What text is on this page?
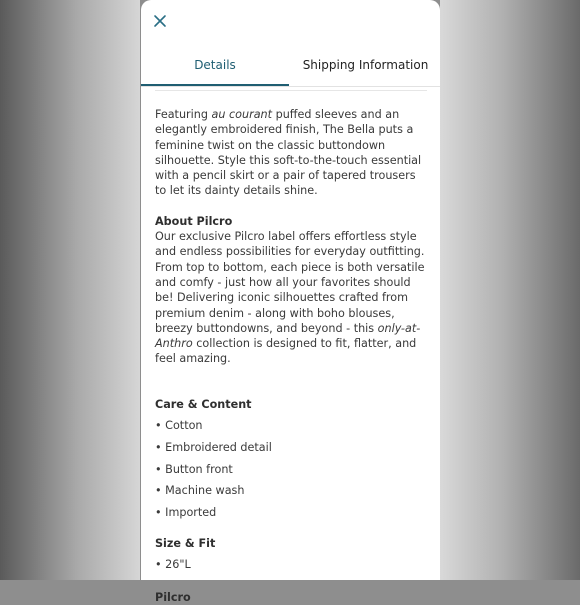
Details	Shipping Information

Featuring au courant puffed sleeves and an elegantly embroidered finish, The Bella puts a feminine twist on the classic buttondown silhouette. Style this soft-to-the-touch essential with a pencil skirt or a pair of tapered trousers to let its dainty details shine.

About Pilcro

Our exclusive Pilcro label offers effortless style and endless possibilities for everyday outfitting. From top to bottom, each piece is both versatile and comfy - just how all your favorites should be! Delivering iconic silhouettes crafted from premium denim - along with boho blouses, breezy buttondowns, and beyond - this only-at-Anthro collection is designed to fit, flatter, and feel amazing.

Care & Content
• Cotton
• Embroidered detail
• Button front
• Machine wash
• Imported
Size & Fit
• 26"L
Pilcro
